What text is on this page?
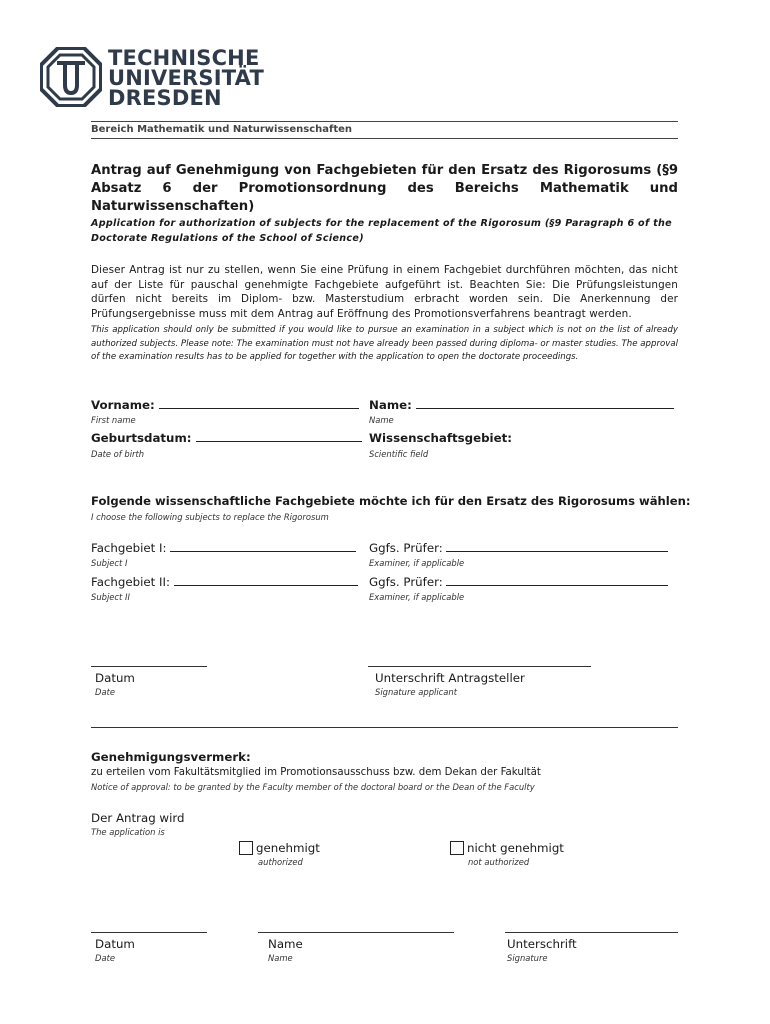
TECHNISCHE
UNIVERSITÄT
DRESDEN
Bereich Mathematik und Naturwissenschaften
Antrag auf Genehmigung von Fachgebieten für den Ersatz des Rigorosums (§9
Absatz 6 der Promotionsordnung des Bereichs Mathematik und
Naturwissenschaften)
Application for authorization of subjects for the replacement of the Rigorosum (§9 Paragraph 6 of the Doctorate Regulations of the School of Science)
Dieser Antrag ist nur zu stellen, wenn Sie eine Prüfung in einem Fachgebiet durchführen möchten, das nicht auf der Liste für pauschal genehmigte Fachgebiete aufgeführt ist. Beachten Sie: Die Prüfungsleistungen dürfen nicht bereits im Diplom- bzw. Masterstudium erbracht worden sein. Die Anerkennung der Prüfungsergebnisse muss mit dem Antrag auf Eröffnung des Promotionsverfahrens beantragt werden.
This application should only be submitted if you would like to pursue an examination in a subject which is not on the list of already authorized subjects. Please note: The examination must not have already been passed during diploma- or master studies. The approval of the examination results has to be applied for together with the application to open the doctorate proceedings.
Vorname:
First name
Name:
Name
Geburtsdatum:
Date of birth
Wissenschaftsgebiet:
Scientific field
Folgende wissenschaftliche Fachgebiete möchte ich für den Ersatz des Rigorosums wählen:
I choose the following subjects to replace the Rigorosum
Fachgebiet I:
Subject I
Ggfs. Prüfer:
Examiner, if applicable
Fachgebiet II:
Subject II
Ggfs. Prüfer:
Examiner, if applicable
Datum
Date
Unterschrift Antragsteller
Signature applicant
Genehmigungsvermerk:
zu erteilen vom Fakultätsmitglied im Promotionsausschuss bzw. dem Dekan der Fakultät
Notice of approval: to be granted by the Faculty member of the doctoral board or the Dean of the Faculty
Der Antrag wird
The application is
genehmigt
authorized
nicht genehmigt
not authorized
Datum
Date
Name
Name
Unterschrift
Signature
